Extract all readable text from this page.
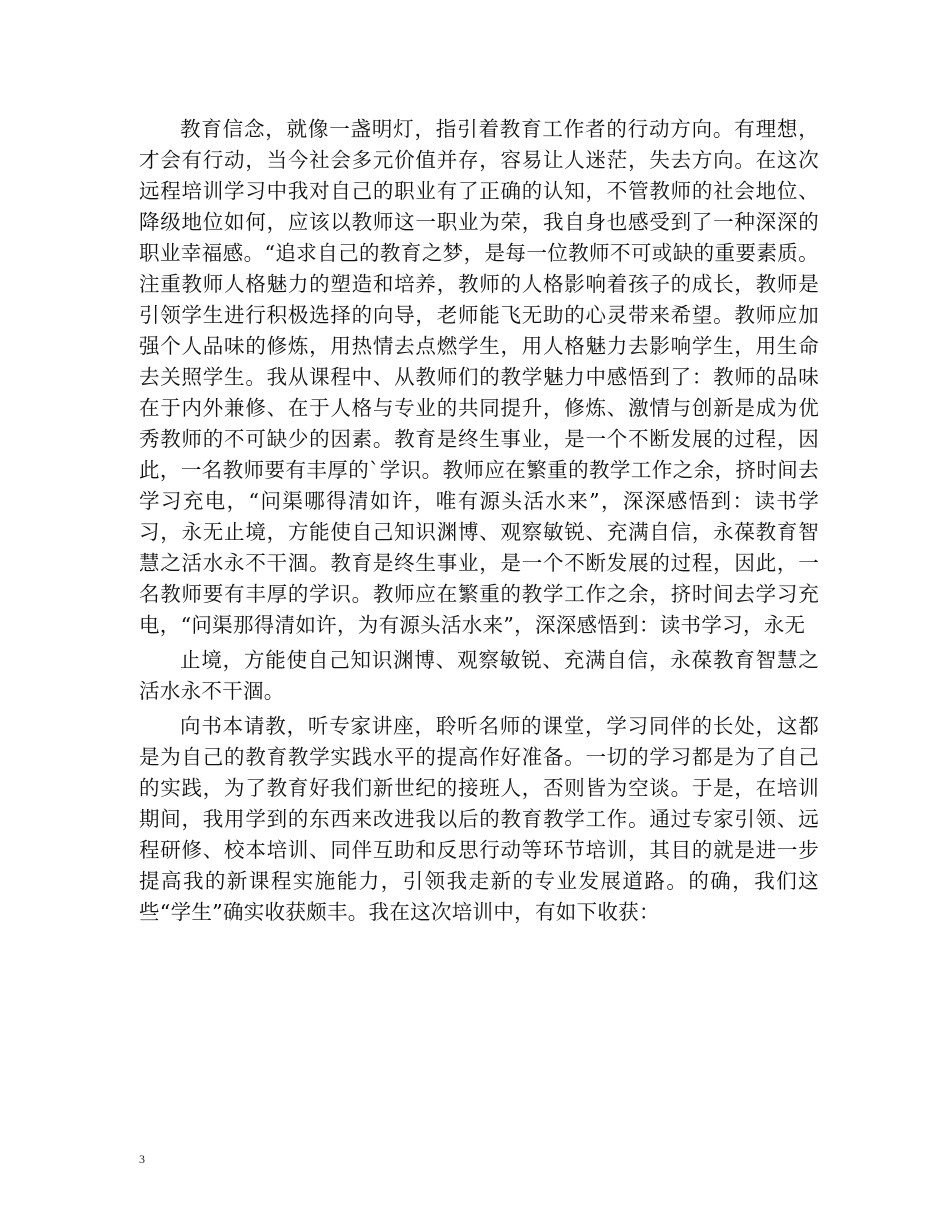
教育信念，就像一盏明灯，指引着教育工作者的行动方向。有理想，才会有行动，当今社会多元价值并存，容易让人迷茫，失去方向。在这次远程培训学习中我对自己的职业有了正确的认知，不管教师的社会地位、降级地位如何，应该以教师这一职业为荣，我自身也感受到了一种深深的职业幸福感。“追求自己的教育之梦，是每一位教师不可或缺的重要素质。注重教师人格魅力的塑造和培养，教师的人格影响着孩子的成长，教师是引领学生进行积极选择的向导，老师能飞无助的心灵带来希望。教师应加强个人品味的修炼，用热情去点燃学生，用人格魅力去影响学生，用生命去关照学生。我从课程中、从教师们的教学魅力中感悟到了：教师的品味在于内外兼修、在于人格与专业的共同提升，修炼、激情与创新是成为优秀教师的不可缺少的因素。教育是终生事业，是一个不断发展的过程，因此，一名教师要有丰厚的`学识。教师应在繁重的教学工作之余，挤时间去学习充电，“问渠哪得清如许，唯有源头活水来”，深深感悟到：读书学习，永无止境，方能使自己知识渊博、观察敏锐、充满自信，永葆教育智慧之活水永不干涸。教育是终生事业，是一个不断发展的过程，因此，一名教师要有丰厚的学识。教师应在繁重的教学工作之余，挤时间去学习充电，“问渠那得清如许，为有源头活水来”，深深感悟到：读书学习，永无

止境，方能使自己知识渊博、观察敏锐、充满自信，永葆教育智慧之活水永不干涸。

向书本请教，听专家讲座，聆听名师的课堂，学习同伴的长处，这都是为自己的教育教学实践水平的提高作好准备。一切的学习都是为了自己的实践，为了教育好我们新世纪的接班人，否则皆为空谈。于是，在培训期间，我用学到的东西来改进我以后的教育教学工作。通过专家引领、远程研修、校本培训、同伴互助和反思行动等环节培训，其目的就是进一步提高我的新课程实施能力，引领我走新的专业发展道路。的确，我们这些“学生”确实收获颇丰。我在这次培训中，有如下收获：

3
